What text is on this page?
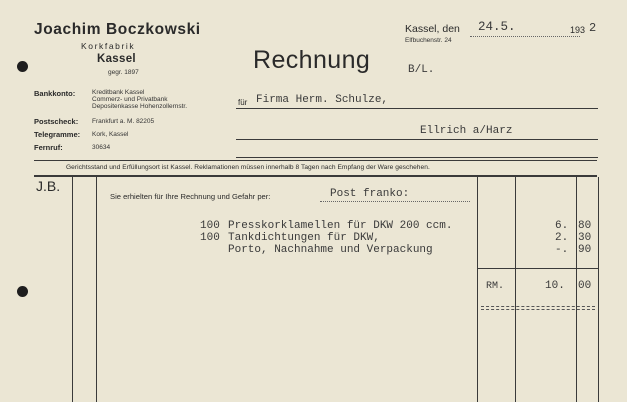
Joachim Boczkowski
Korkfabrik
Kassel
gegr. 1897	Rechnung	B/L.
Kassel, den 24.5.	193 2
Elfbuchenstr. 24
Bankkonto:	Kreditbank Kassel
Commerz- und Privatbank
Depositenkasse Hohenzollernstr.
Postscheck: Frankfurt a. M. 82205
Telegramme: Kork, Kassel
Fernruf:	30634
für Firma Herm. Schulze,
Ellrich a/Harz
Gerichtsstand und Erfüllungsort ist Kassel. Reklamationen müssen innerhalb 8 Tagen nach Empfang der Ware geschehen.
J.B.
Sie erhielten für Ihre Rechnung und Gefahr per:	Post franko:
100 Presskorklamellen für DKW 200 ccm.	6. 80
100 Tankdichtungen für DKW,	2. 30
Porto, Nachnahme und Verpackung	-. 90
RM.	10. 00
